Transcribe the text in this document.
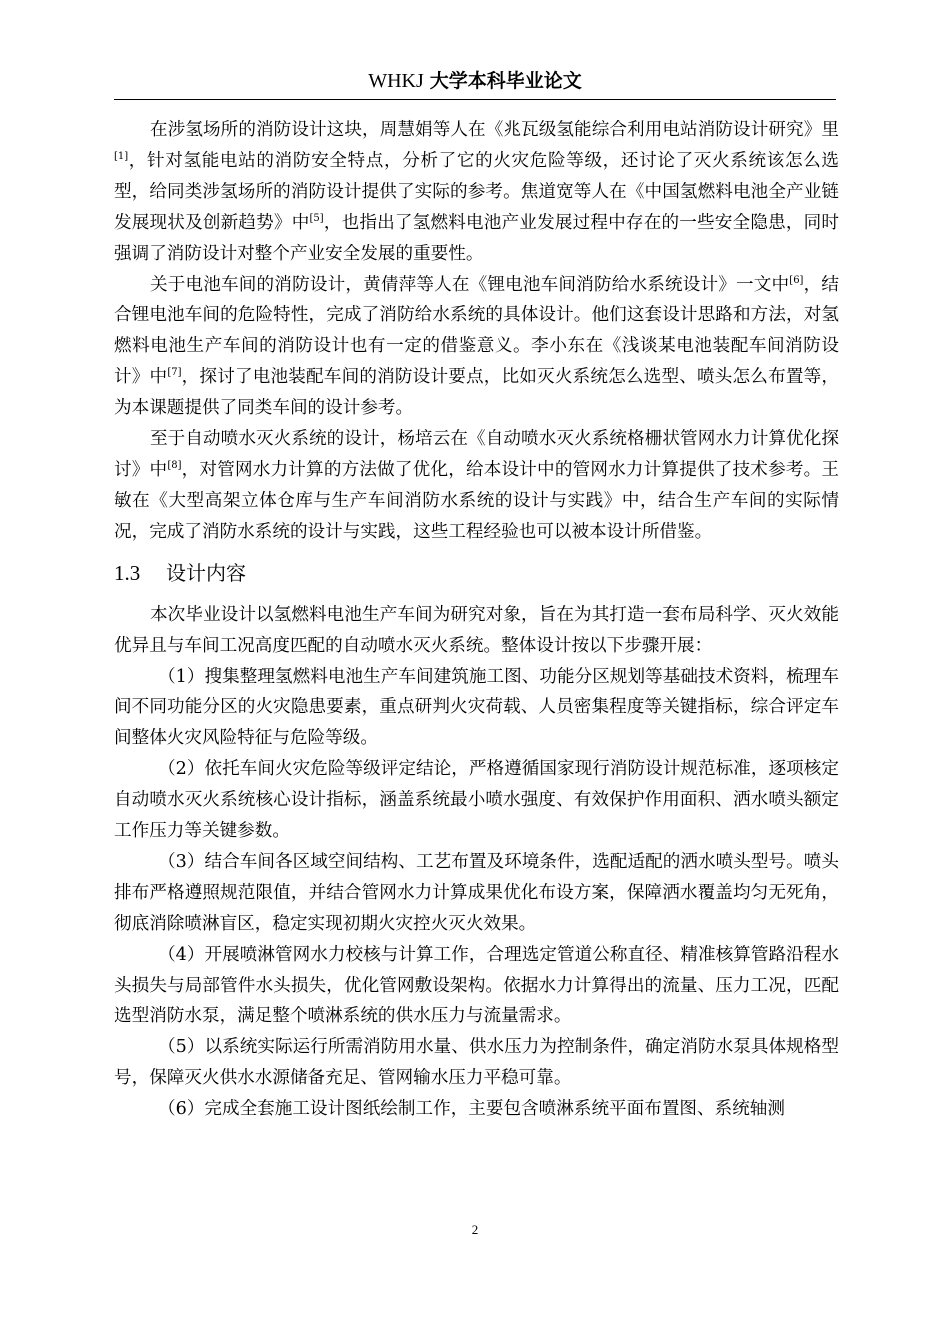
WHKJ 大学本科毕业论文

在涉氢场所的消防设计这块，周慧娟等人在《兆瓦级氢能综合利用电站消防设计研究》里[1]，针对氢能电站的消防安全特点，分析了它的火灾危险等级，还讨论了灭火系统该怎么选型，给同类涉氢场所的消防设计提供了实际的参考。焦道宽等人在《中国氢燃料电池全产业链发展现状及创新趋势》中[5]，也指出了氢燃料电池产业发展过程中存在的一些安全隐患，同时强调了消防设计对整个产业安全发展的重要性。

关于电池车间的消防设计，黄倩萍等人在《锂电池车间消防给水系统设计》一文中[6]，结合锂电池车间的危险特性，完成了消防给水系统的具体设计。他们这套设计思路和方法，对氢燃料电池生产车间的消防设计也有一定的借鉴意义。李小东在《浅谈某电池装配车间消防设计》中[7]，探讨了电池装配车间的消防设计要点，比如灭火系统怎么选型、喷头怎么布置等，为本课题提供了同类车间的设计参考。

至于自动喷水灭火系统的设计，杨培云在《自动喷水灭火系统格栅状管网水力计算优化探讨》中[8]，对管网水力计算的方法做了优化，给本设计中的管网水力计算提供了技术参考。王敏在《大型高架立体仓库与生产车间消防水系统的设计与实践》中，结合生产车间的实际情况，完成了消防水系统的设计与实践，这些工程经验也可以被本设计所借鉴。

1.3 设计内容

本次毕业设计以氢燃料电池生产车间为研究对象，旨在为其打造一套布局科学、灭火效能优异且与车间工况高度匹配的自动喷水灭火系统。整体设计按以下步骤开展：

（1）搜集整理氢燃料电池生产车间建筑施工图、功能分区规划等基础技术资料，梳理车间不同功能分区的火灾隐患要素，重点研判火灾荷载、人员密集程度等关键指标，综合评定车间整体火灾风险特征与危险等级。

（2）依托车间火灾危险等级评定结论，严格遵循国家现行消防设计规范标准，逐项核定自动喷水灭火系统核心设计指标，涵盖系统最小喷水强度、有效保护作用面积、洒水喷头额定工作压力等关键参数。

（3）结合车间各区域空间结构、工艺布置及环境条件，选配适配的洒水喷头型号。喷头排布严格遵照规范限值，并结合管网水力计算成果优化布设方案，保障洒水覆盖均匀无死角，彻底消除喷淋盲区，稳定实现初期火灾控火灭火效果。

（4）开展喷淋管网水力校核与计算工作，合理选定管道公称直径、精准核算管路沿程水头损失与局部管件水头损失，优化管网敷设架构。依据水力计算得出的流量、压力工况，匹配选型消防水泵，满足整个喷淋系统的供水压力与流量需求。

（5）以系统实际运行所需消防用水量、供水压力为控制条件，确定消防水泵具体规格型号，保障灭火供水水源储备充足、管网输水压力平稳可靠。

（6）完成全套施工设计图纸绘制工作，主要包含喷淋系统平面布置图、系统轴测

2
